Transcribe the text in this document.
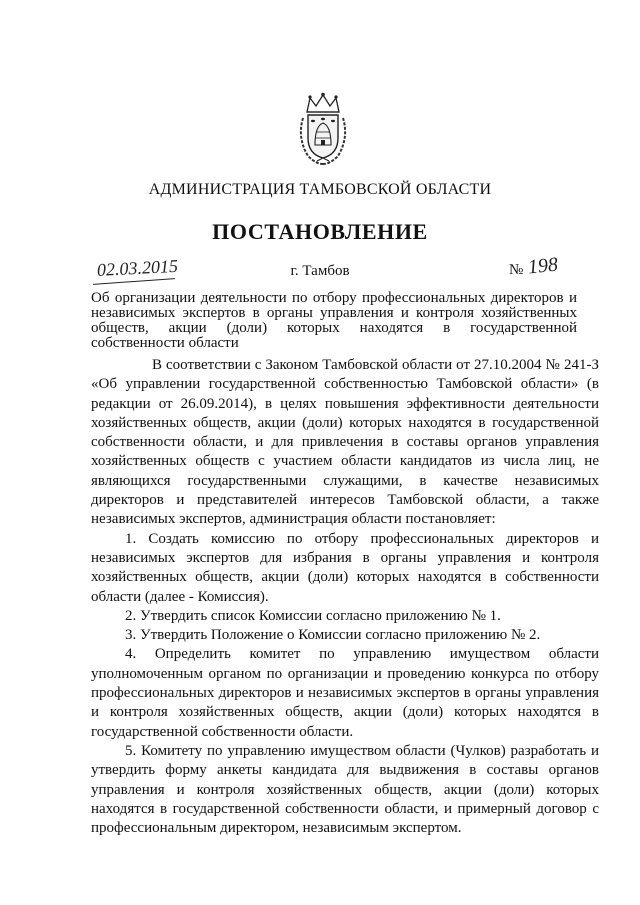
АДМИНИСТРАЦИЯ ТАМБОВСКОЙ ОБЛАСТИ
ПОСТАНОВЛЕНИЕ
02.03.2015	г. Тамбов	№ 198
Об организации деятельности по отбору профессиональных директоров и независимых экспертов в органы управления и контроля хозяйственных обществ, акции (доли) которых находятся в государственной собственности области

В соответствии с Законом Тамбовской области от 27.10.2004 № 241-З «Об управлении государственной собственностью Тамбовской области» (в редакции от 26.09.2014), в целях повышения эффективности деятельности хозяйственных обществ, акции (доли) которых находятся в государственной собственности области, и для привлечения в составы органов управления хозяйственных обществ с участием области кандидатов из числа лиц, не являющихся государственными служащими, в качестве независимых директоров и представителей интересов Тамбовской области, а также независимых экспертов, администрация области постановляет:

1. Создать комиссию по отбору профессиональных директоров и независимых экспертов для избрания в органы управления и контроля хозяйственных обществ, акции (доли) которых находятся в собственности области (далее - Комиссия).

2. Утвердить список Комиссии согласно приложению № 1.

3. Утвердить Положение о Комиссии согласно приложению № 2.

4. Определить комитет по управлению имуществом области уполномоченным органом по организации и проведению конкурса по отбору профессиональных директоров и независимых экспертов в органы управления и контроля хозяйственных обществ, акции (доли) которых находятся в государственной собственности области.

5. Комитету по управлению имуществом области (Чулков) разработать и утвердить форму анкеты кандидата для выдвижения в составы органов управления и контроля хозяйственных обществ, акции (доли) которых находятся в государственной собственности области, и примерный договор с профессиональным директором, независимым экспертом.
